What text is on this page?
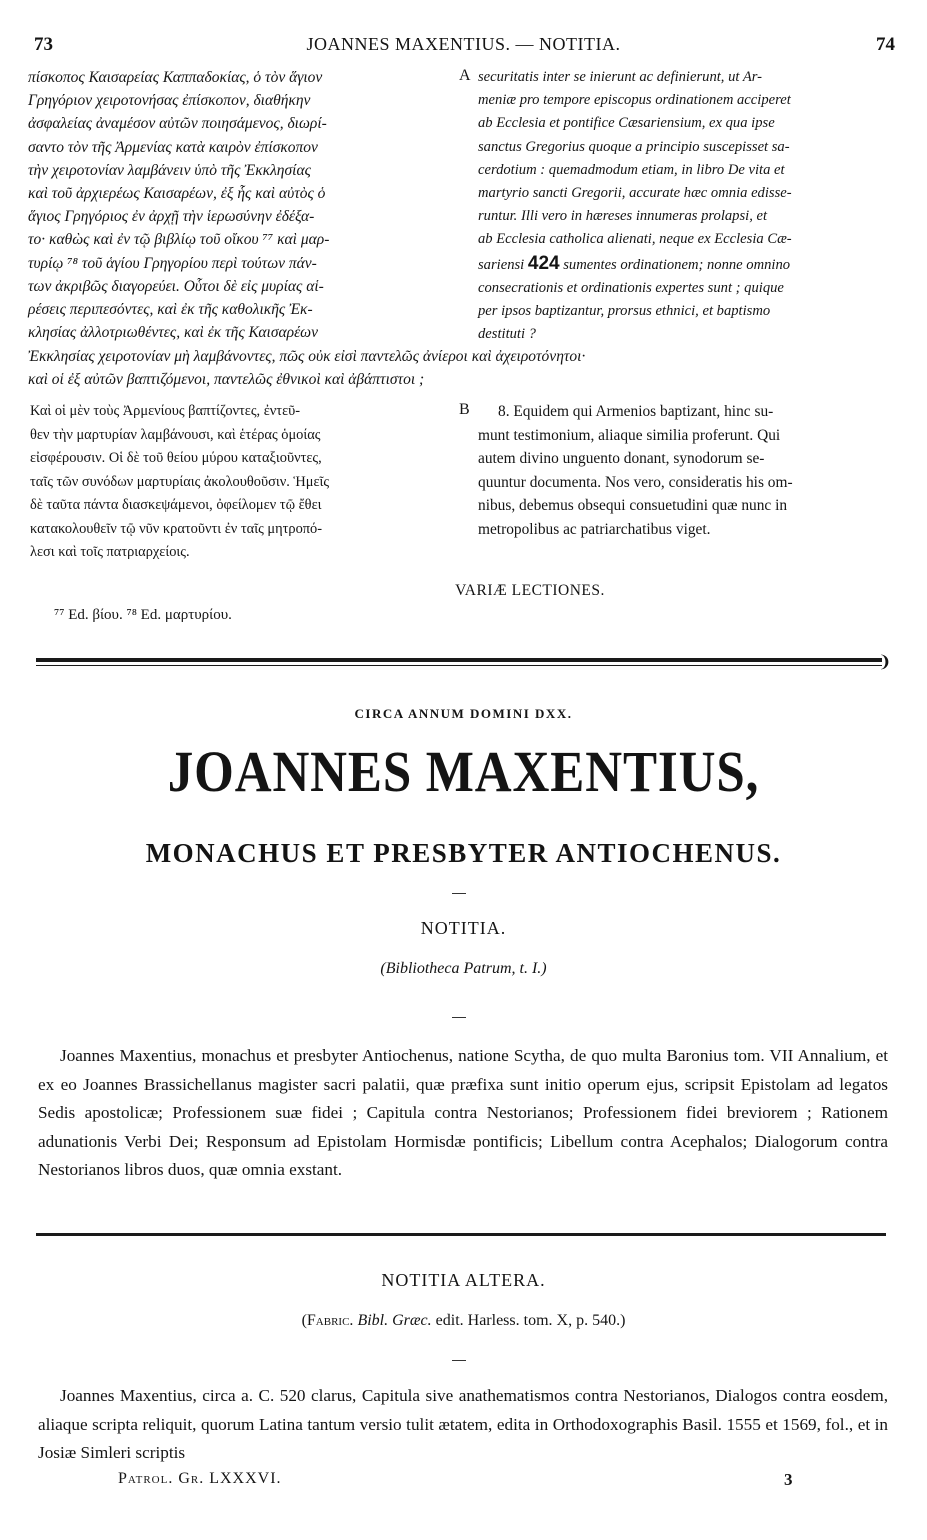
73	JOANNES MAXENTIUS. — NOTITIA.	74
πίσκοπος Καισαρείας Καππαδοκίας, ὁ τὸν ἅγιον
Γρηγόριον χειροτονήσας ἐπίσκοπον, διαθήκην
ἀσφαλείας ἀναμέσον αὐτῶν ποιησάμενος, διωρί-
σαντο τὸν τῆς Ἀρμενίας κατὰ καιρὸν ἐπίσκοπον
τὴν χειροτονίαν λαμβάνειν ὑπὸ τῆς Ἐκκλησίας
καὶ τοῦ ἀρχιερέως Καισαρέων, ἐξ ἧς καὶ αὐτὸς ὁ
ἅγιος Γρηγόριος ἐν ἀρχῇ τὴν ἱερωσύνην ἐδέξα-
το· καθὼς καὶ ἐν τῷ βιβλίῳ τοῦ οἴκου ⁷⁷ καὶ μαρ-
τυρίῳ ⁷⁸ τοῦ ἁγίου Γρηγορίου περὶ τούτων πάν-
των ἀκριβῶς διαγορεύει. Οὗτοι δὲ εἰς μυρίας αἱ-
ρέσεις περιπεσόντες, καὶ ἐκ τῆς καθολικῆς Ἐκ-
κλησίας ἀλλοτριωθέντες, καὶ ἐκ τῆς Καισαρέων
A securitatis inter se inierunt ac definierunt, ut Ar-
meniæ pro tempore episcopus ordinationem acciperet
ab Ecclesia et pontifice Cæsariensium, ex qua ipse
sanctus Gregorius quoque a principio suscepisset sa-
cerdotium : quemadmodum etiam, in libro De vita et
martyrio sancti Gregorii, accurate hæc omnia edisse-
runtur. Illi vero in hæreses innumeras prolapsi, et
ab Ecclesia catholica alienati, neque ex Ecclesia Cæ-
sariensi 424 sumentes ordinationem; nonne omnino
consecrationis et ordinationis expertes sunt ; quique
per ipsos baptizantur, prorsus ethnici, et baptismo
destituti ?
Ἐκκλησίας χειροτονίαν μὴ λαμβάνοντες, πῶς οὐκ εἰσὶ παντελῶς ἀνίεροι καὶ ἀχειροτόνητοι·
καὶ οἱ ἐξ αὐτῶν βαπτιζόμενοι, παντελῶς ἐθνικοὶ καὶ ἀβάπτιστοι ;
Καὶ οἱ μὲν τοὺς Ἀρμενίους βαπτίζοντες, ἐντεῦ-
θεν τὴν μαρτυρίαν λαμβάνουσι, καὶ ἑτέρας ὁμοίας
εἰσφέρουσιν. Οἱ δὲ τοῦ θείου μύρου καταξιοῦντες,
ταῖς τῶν συνόδων μαρτυρίαις ἀκολουθοῦσιν. Ἡμεῖς
δὲ ταῦτα πάντα διασκεψάμενοι, ὀφείλομεν τῷ ἔθει
κατακολουθεῖν τῷ νῦν κρατοῦντι ἐν ταῖς μητροπό-
λεσι καὶ τοῖς πατριαρχείοις.
B	8. Equidem qui Armenios baptizant, hinc su-
munt testimonium, aliaque similia proferunt. Qui
autem divino unguento donant, synodorum se-
quuntur documenta. Nos vero, consideratis his om-
nibus, debemus obsequi consuetudini quæ nunc in
metropolibus ac patriarchatibus viget.
VARIÆ LECTIONES.
⁷⁷ Ed. βίου. ⁷⁸ Ed. μαρτυρίου.
❩
CIRCA ANNUM DOMINI DXX.
JOANNES MAXENTIUS,
MONACHUS ET PRESBYTER ANTIOCHENUS.
NOTITIA.
(Bibliotheca Patrum, t. I.)
Joannes Maxentius, monachus et presbyter Antiochenus, natione Scytha, de quo multa Baronius tom. VII Annalium, et ex eo Joannes Brassichellanus magister sacri palatii, quæ præfixa sunt initio operum ejus, scripsit Epistolam ad legatos Sedis apostolicæ; Professionem suæ fidei ; Capitula contra Nestorianos; Professionem fidei breviorem ; Rationem adunationis Verbi Dei; Responsum ad Epistolam Hormisdæ pontificis; Libellum contra Acephalos; Dialogorum contra Nestorianos libros duos, quæ omnia exstant.
NOTITIA ALTERA.
(Fabric. Bibl. Græc. edit. Harless. tom. X, p. 540.)
Joannes Maxentius, circa a. C. 520 clarus, Capitula sive anathematismos contra Nestorianos, Dialogos contra eosdem, aliaque scripta reliquit, quorum Latina tantum versio tulit ætatem, edita in Orthodoxographis Basil. 1555 et 1569, fol., et in Josiæ Simleri scriptis
Patrol. Gr. LXXXVI.	3
